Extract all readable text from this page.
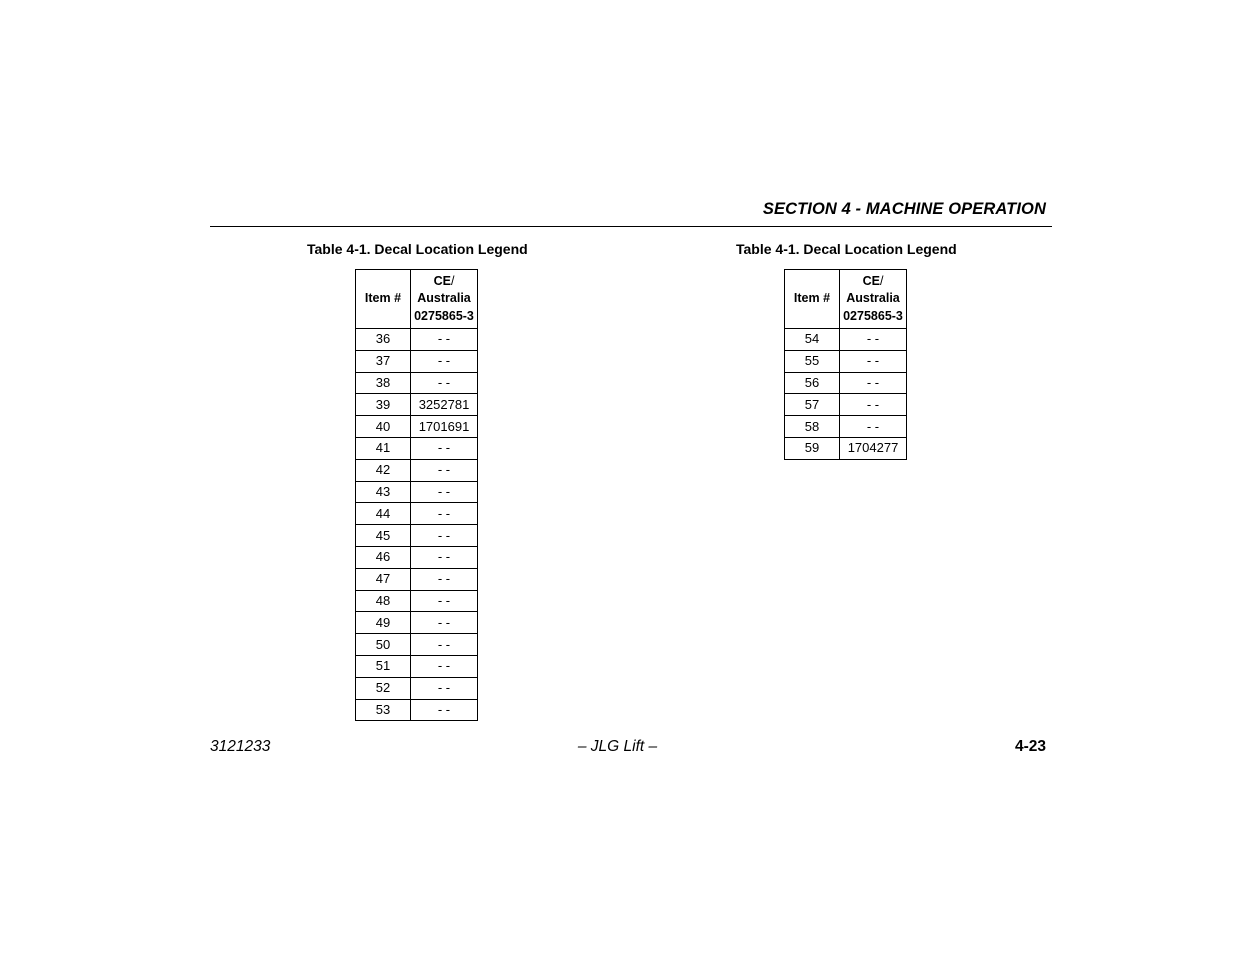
SECTION 4 - MACHINE OPERATION
Table 4-1. Decal Location Legend
Item #	CE/
Australia
0275865-3
36	- -
37	- -
38	- -
39	3252781
40	1701691
41	- -
42	- -
43	- -
44	- -
45	- -
46	- -
47	- -
48	- -
49	- -
50	- -
51	- -
52	- -
53	- -
Table 4-1. Decal Location Legend
Item #	CE/
Australia
0275865-3
54	- -
55	- -
56	- -
57	- -
58	- -
59	1704277
3121233	– JLG Lift –	4-23
